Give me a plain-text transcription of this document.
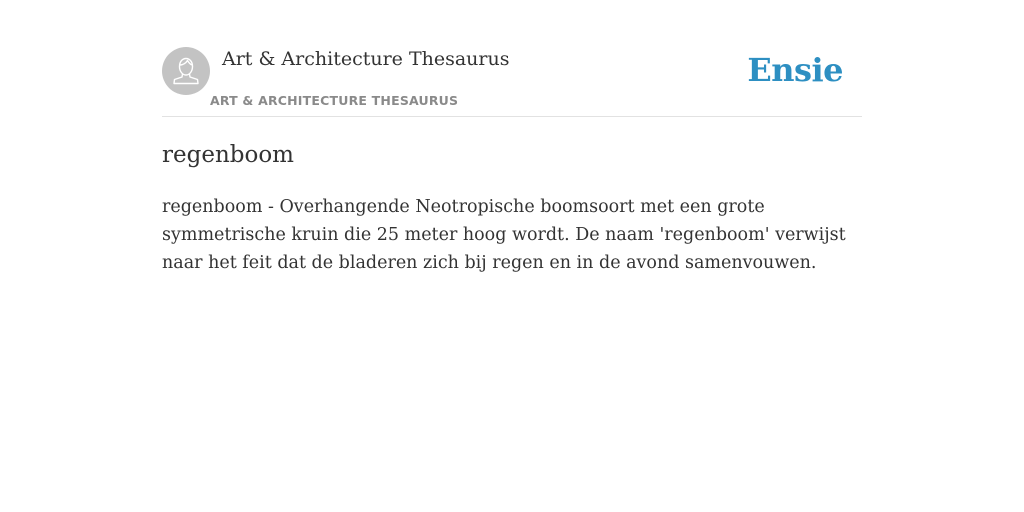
Art & Architecture Thesaurus
ART & ARCHITECTURE THESAURUS
Ensie
regenboom

regenboom - Overhangende Neotropische boomsoort met een grote symmetrische kruin die 25 meter hoog wordt. De naam 'regenboom' verwijst naar het feit dat de bladeren zich bij regen en in de avond samenvouwen.
